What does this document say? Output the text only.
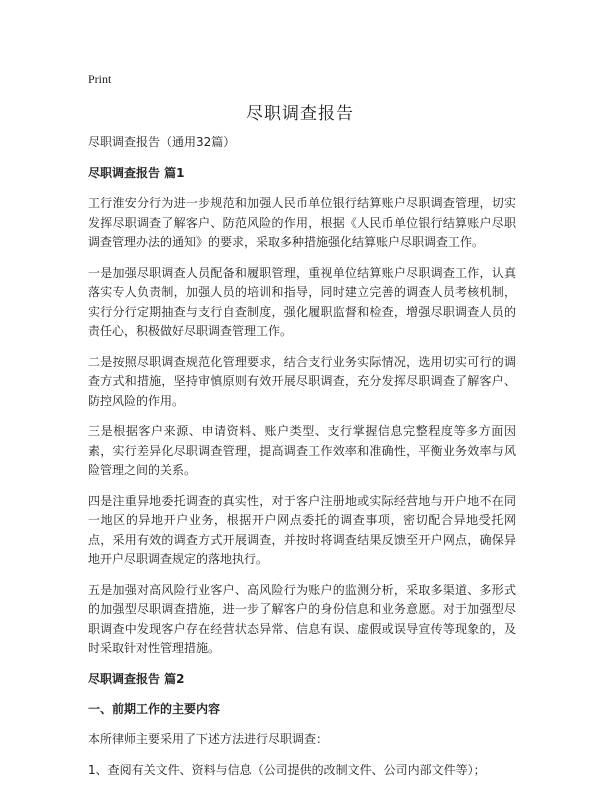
Print
尽职调查报告

尽职调查报告（通用32篇）

尽职调查报告 篇1

工行淮安分行为进一步规范和加强人民币单位银行结算账户尽职调查管理，切实发挥尽职调查了解客户、防范风险的作用，根据《人民币单位银行结算账户尽职调查管理办法的通知》的要求，采取多种措施强化结算账户尽职调查工作。

一是加强尽职调查人员配备和履职管理，重视单位结算账户尽职调查工作，认真落实专人负责制，加强人员的培训和指导，同时建立完善的调查人员考核机制，实行分行定期抽查与支行自查制度，强化履职监督和检查，增强尽职调查人员的责任心，积极做好尽职调查管理工作。

二是按照尽职调查规范化管理要求，结合支行业务实际情况，选用切实可行的调查方式和措施，坚持审慎原则有效开展尽职调查，充分发挥尽职调查了解客户、防控风险的作用。

三是根据客户来源、申请资料、账户类型、支行掌握信息完整程度等多方面因素，实行差异化尽职调查管理，提高调查工作效率和准确性，平衡业务效率与风险管理之间的关系。

四是注重异地委托调查的真实性，对于客户注册地或实际经营地与开户地不在同一地区的异地开户业务，根据开户网点委托的调查事项，密切配合异地受托网点，采用有效的调查方式开展调查，并按时将调查结果反馈至开户网点，确保异地开户尽职调查规定的落地执行。

五是加强对高风险行业客户、高风险行为账户的监测分析，采取多渠道、多形式的加强型尽职调查措施，进一步了解客户的身份信息和业务意愿。对于加强型尽职调查中发现客户存在经营状态异常、信息有误、虚假或误导宣传等现象的，及时采取针对性管理措施。

尽职调查报告 篇2

一、前期工作的主要内容

本所律师主要采用了下述方法进行尽职调查：

1、查阅有关文件、资料与信息（公司提供的改制文件、公司内部文件等）；
